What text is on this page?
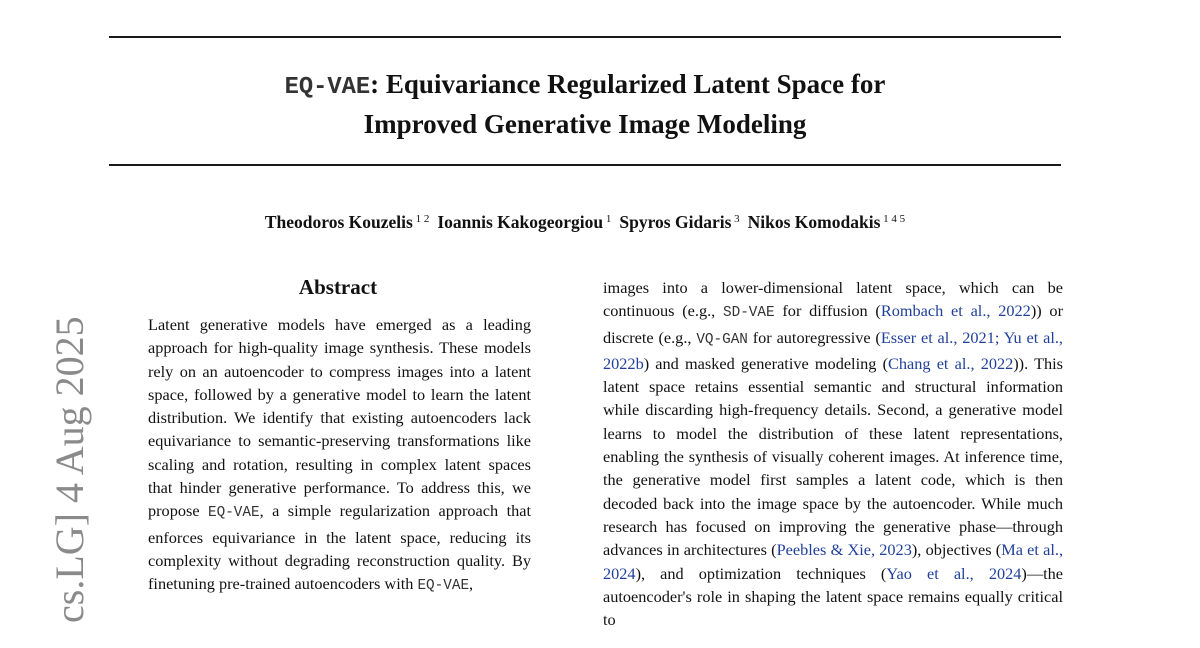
EQ-VAE: Equivariance Regularized Latent Space for
Improved Generative Image Modeling
Theodoros Kouzelis $^{1 2}$ Ioannis Kakogeorgiou $^1$ Spyros Gidaris $^3$ Nikos Komodakis $^{1 4 5}$
cs.LG] 4 Aug 2025
Abstract

Latent generative models have emerged as a leading approach for high-quality image synthesis. These models rely on an autoencoder to compress images into a latent space, followed by a generative model to learn the latent distribution. We identify that existing autoencoders lack equivariance to semantic-preserving transformations like scaling and rotation, resulting in complex latent spaces that hinder generative performance. To address this, we propose EQ-VAE, a simple regularization approach that enforces equivariance in the latent space, reducing its complexity without degrading reconstruction quality. By finetuning pre-trained autoencoders with EQ-VAE,

images into a lower-dimensional latent space, which can be continuous (e.g., SD-VAE for diffusion (Rombach et al., 2022)) or discrete (e.g., VQ-GAN for autoregressive (Esser et al., 2021; Yu et al., 2022b) and masked generative modeling (Chang et al., 2022)). This latent space retains essential semantic and structural information while discarding high-frequency details. Second, a generative model learns to model the distribution of these latent representations, enabling the synthesis of visually coherent images. At inference time, the generative model first samples a latent code, which is then decoded back into the image space by the autoencoder. While much research has focused on improving the generative phase—through advances in architectures (Peebles & Xie, 2023), objectives (Ma et al., 2024), and optimization techniques (Yao et al., 2024)—the autoencoder's role in shaping the latent space remains equally critical to
